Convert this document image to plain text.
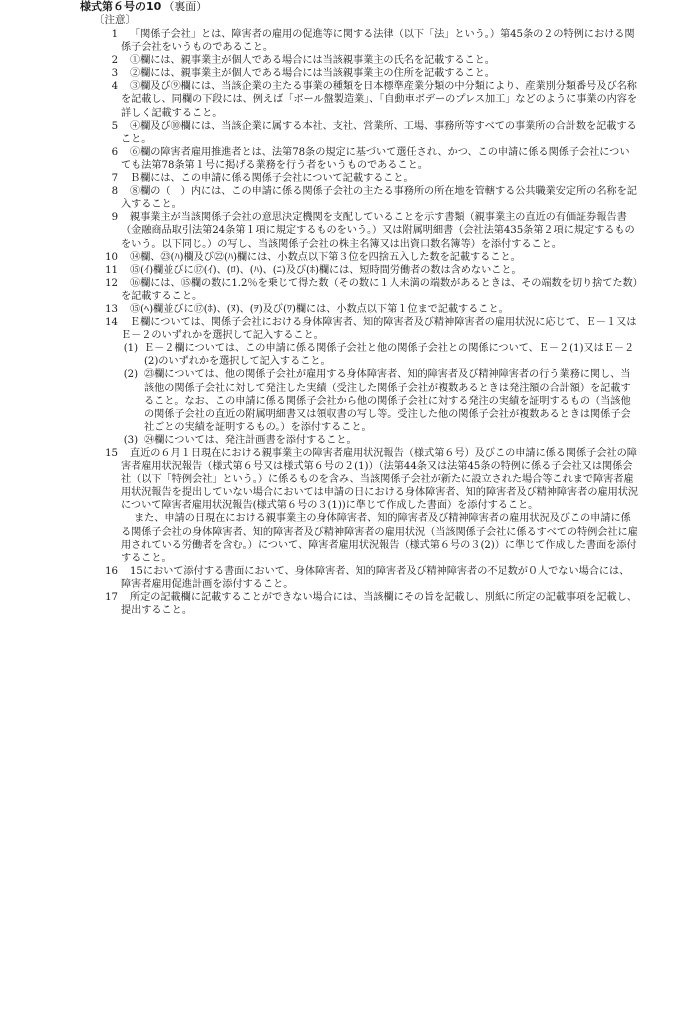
様式第６号の10 （裏面）
〔注意〕
1	「関係子会社」とは、障害者の雇用の促進等に関する法律（以下「法」という。）第45条の２の特例における関係子会社をいうものであること。
2	①欄には、親事業主が個人である場合には当該親事業主の氏名を記載すること。
3	②欄には、親事業主が個人である場合には当該親事業主の住所を記載すること。
4	③欄及び⑨欄には、当該企業の主たる事業の種類を日本標準産業分類の中分類により、産業別分類番号及び名称を記載し、同欄の下段には、例えば「ボール盤製造業」、「自動車ボデーのプレス加工」などのように事業の内容を詳しく記載すること。
5	④欄及び⑩欄には、当該企業に属する本社、支社、営業所、工場、事務所等すべての事業所の合計数を記載すること。
6	⑥欄の障害者雇用推進者とは、法第78条の規定に基づいて選任され、かつ、この申請に係る関係子会社についても法第78条第１号に掲げる業務を行う者をいうものであること。
7	Ｂ欄には、この申請に係る関係子会社について記載すること。
8	⑧欄の（　）内には、この申請に係る関係子会社の主たる事務所の所在地を管轄する公共職業安定所の名称を記入すること。
9	親事業主が当該関係子会社の意思決定機関を支配していることを示す書類（親事業主の直近の有価証券報告書（金融商品取引法第24条第１項に規定するものをいう。）又は附属明細書（会社法第435条第２項に規定するものをいう。以下同じ。）の写し、当該関係子会社の株主名簿又は出資口数名簿等）を添付すること。
10	⑭欄、㉓(ﾊ)欄及び㉒(ﾊ)欄には、小数点以下第３位を四捨五入した数を記載すること。
11	⑮(ｲ)欄並びに⑰(ｲ)、(ﾛ)、(ﾊ)、(ﾆ)及び(ﾎ)欄には、短時間労働者の数は含めないこと。
12	⑯欄には、⑮欄の数に1.2％を乗じて得た数（その数に１人未満の端数があるときは、その端数を切り捨てた数）を記載すること。
13	⑮(ﾍ)欄並びに⑰(ﾎ)、(ﾇ)、(ｦ)及び(ﾜ)欄には、小数点以下第１位まで記載すること。
14	Ｅ欄については、関係子会社における身体障害者、知的障害者及び精神障害者の雇用状況に応じて、Ｅ－１又はＥ－２のいずれかを選択して記入すること。
(1) Ｅ－２欄については、この申請に係る関係子会社と他の関係子会社との関係について、Ｅ－２(1)又はＥ－２(2)のいずれかを選択して記入すること。
(2) ㉓欄については、他の関係子会社が雇用する身体障害者、知的障害者及び精神障害者の行う業務に関し、当該他の関係子会社に対して発注した実績（受注した関係子会社が複数あるときは発注額の合計額）を記載すること。なお、この申請に係る関係子会社から他の関係子会社に対する発注の実績を証明するもの（当該他の関係子会社の直近の附属明細書又は領収書の写し等。受注した他の関係子会社が複数あるときは関係子会社ごとの実績を証明するもの。）を添付すること。
(3) ㉔欄については、発注計画書を添付すること。
15	直近の６月１日現在における親事業主の障害者雇用状況報告（様式第６号）及びこの申請に係る関係子会社の障害者雇用状況報告（様式第６号又は様式第６号の２(1)）（法第44条又は法第45条の特例に係る子会社又は関係会社（以下「特例会社」という。）に係るものを含み、当該関係子会社が新たに設立された場合等これまで障害者雇用状況報告を提出していない場合においては申請の日における身体障害者、知的障害者及び精神障害者の雇用状況について障害者雇用状況報告(様式第６号の３(1))に準じて作成した書面）を添付すること。
また、申請の日現在における親事業主の身体障害者、知的障害者及び精神障害者の雇用状況及びこの申請に係る関係子会社の身体障害者、知的障害者及び精神障害者の雇用状況（当該関係子会社に係るすべての特例会社に雇用されている労働者を含む。）について、障害者雇用状況報告（様式第６号の３(2)）に準じて作成した書面を添付すること。
16	15において添付する書面において、身体障害者、知的障害者及び精神障害者の不足数が０人でない場合には、障害者雇用促進計画を添付すること。
17	所定の記載欄に記載することができない場合には、当該欄にその旨を記載し、別紙に所定の記載事項を記載し、提出すること。
